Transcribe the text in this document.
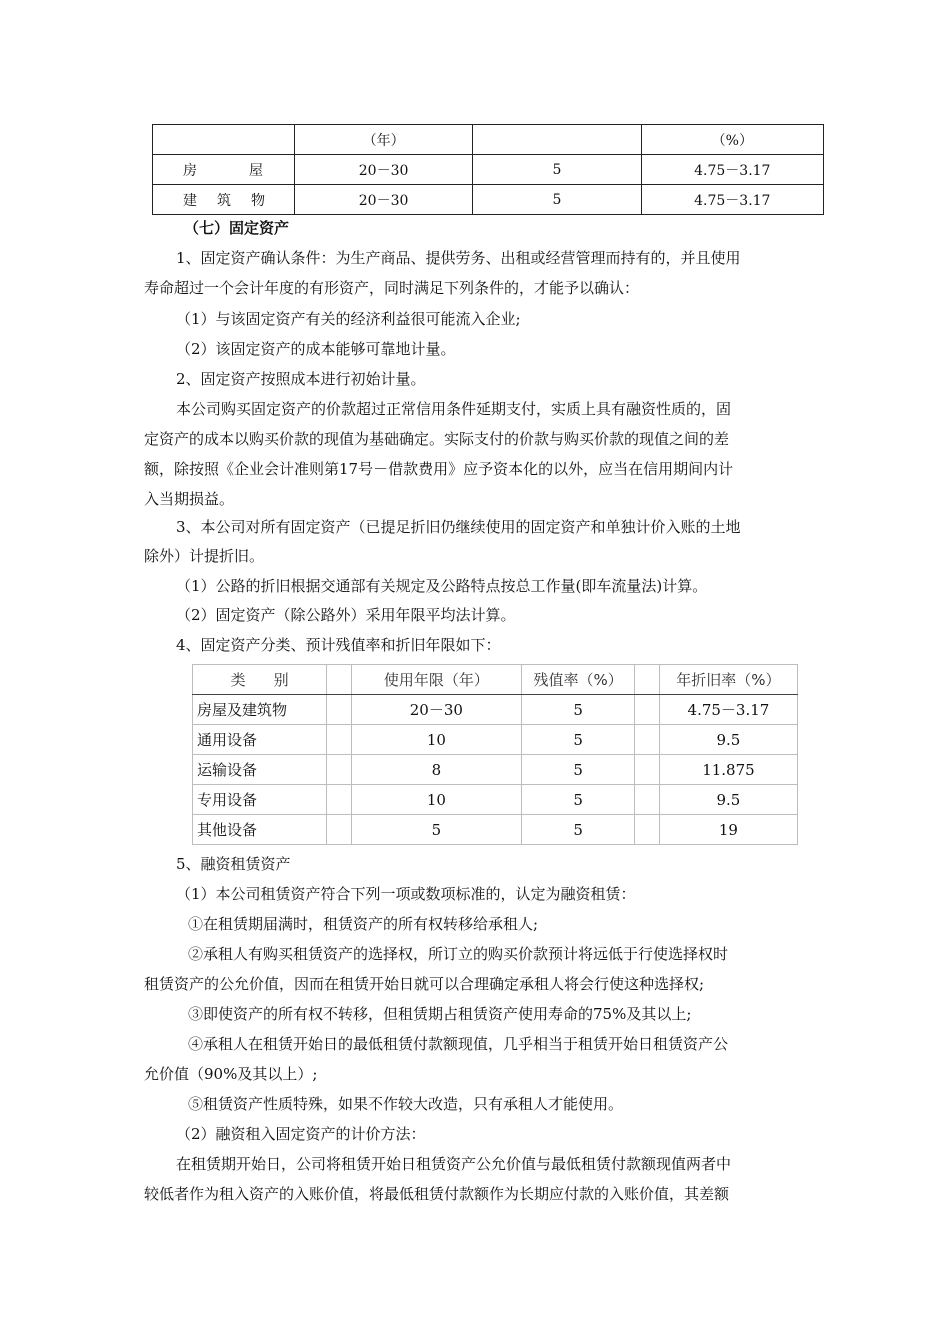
	（年）		（%）

房 屋	20－30	5	4.75－3.17

建 筑 物	20－30	5	4.75－3.17
（七）固定资产
1、固定资产确认条件：为生产商品、提供劳务、出租或经营管理而持有的，并且使用
寿命超过一个会计年度的有形资产，同时满足下列条件的，才能予以确认：
（1）与该固定资产有关的经济利益很可能流入企业;
（2）该固定资产的成本能够可靠地计量。
2、固定资产按照成本进行初始计量。
本公司购买固定资产的价款超过正常信用条件延期支付，实质上具有融资性质的，固
定资产的成本以购买价款的现值为基础确定。实际支付的价款与购买价款的现值之间的差
额，除按照《企业会计准则第17号－借款费用》应予资本化的以外，应当在信用期间内计
入当期损益。
3、本公司对所有固定资产（已提足折旧仍继续使用的固定资产和单独计价入账的土地
除外）计提折旧。
（1）公路的折旧根据交通部有关规定及公路特点按总工作量(即车流量法)计算。
（2）固定资产（除公路外）采用年限平均法计算。
4、固定资产分类、预计残值率和折旧年限如下：
类 别		使用年限（年）	残值率（%）		年折旧率（%）
房屋及建筑物		20－30	5		4.75－3.17
通用设备		10	5		9.5
运输设备		8	5		11.875
专用设备		10	5		9.5
其他设备		5	5		19
5、融资租赁资产
（1）本公司租赁资产符合下列一项或数项标准的，认定为融资租赁：
①在租赁期届满时，租赁资产的所有权转移给承租人;
②承租人有购买租赁资产的选择权，所订立的购买价款预计将远低于行使选择权时
租赁资产的公允价值，因而在租赁开始日就可以合理确定承租人将会行使这种选择权;
③即使资产的所有权不转移，但租赁期占租赁资产使用寿命的75%及其以上;
④承租人在租赁开始日的最低租赁付款额现值，几乎相当于租赁开始日租赁资产公
允价值（90%及其以上）;
⑤租赁资产性质特殊，如果不作较大改造，只有承租人才能使用。
（2）融资租入固定资产的计价方法：
在租赁期开始日，公司将租赁开始日租赁资产公允价值与最低租赁付款额现值两者中
较低者作为租入资产的入账价值，将最低租赁付款额作为长期应付款的入账价值，其差额
